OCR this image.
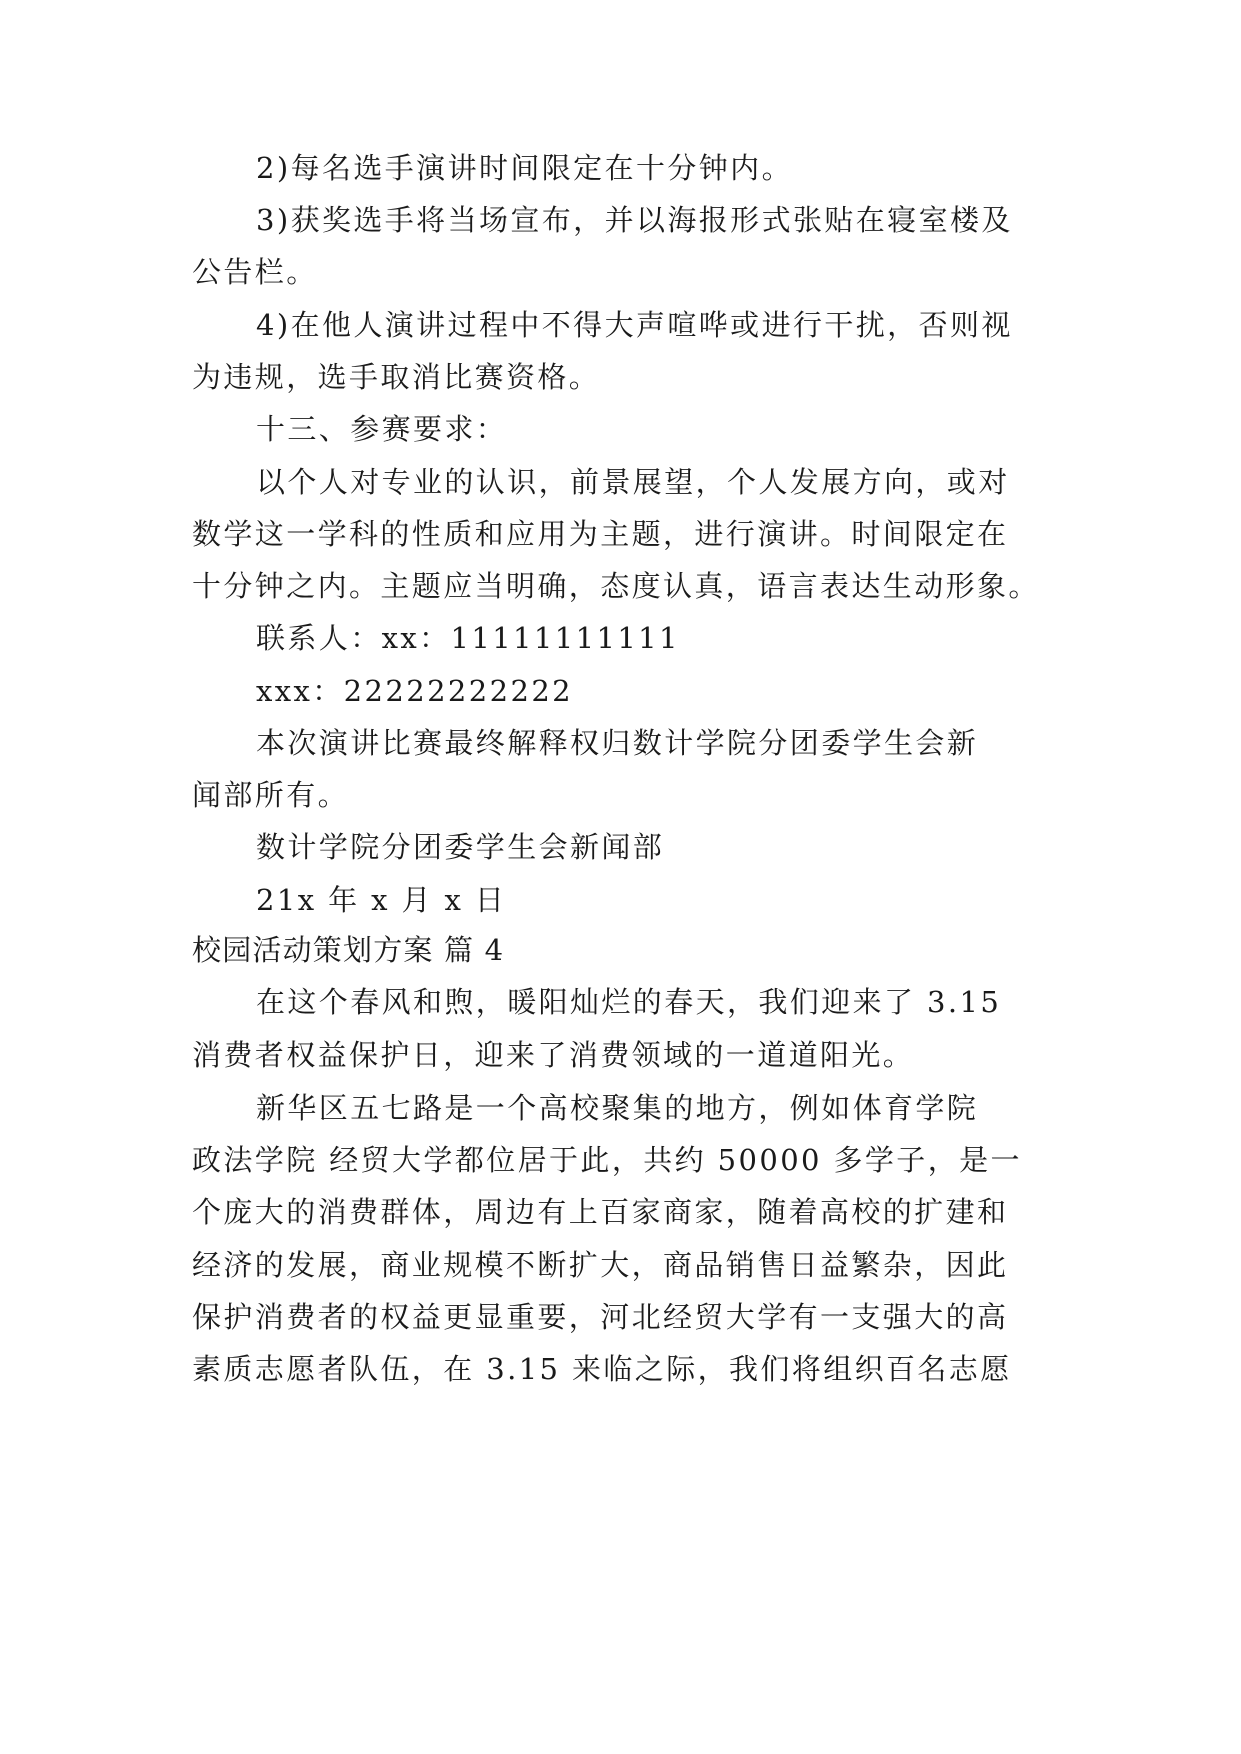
2)每名选手演讲时间限定在十分钟内。
3)获奖选手将当场宣布，并以海报形式张贴在寝室楼及
公告栏。
4)在他人演讲过程中不得大声喧哗或进行干扰，否则视
为违规，选手取消比赛资格。
十三、参赛要求：
以个人对专业的认识，前景展望，个人发展方向，或对
数学这一学科的性质和应用为主题，进行演讲。时间限定在
十分钟之内。主题应当明确，态度认真，语言表达生动形象。
联系人：xx：11111111111
xxx：22222222222
本次演讲比赛最终解释权归数计学院分团委学生会新
闻部所有。
数计学院分团委学生会新闻部
21x 年 x 月 x 日
校园活动策划方案 篇 4
在这个春风和煦，暖阳灿烂的春天，我们迎来了 3.15
消费者权益保护日，迎来了消费领域的一道道阳光。
新华区五七路是一个高校聚集的地方，例如体育学院
政法学院 经贸大学都位居于此，共约 50000 多学子，是一
个庞大的消费群体，周边有上百家商家，随着高校的扩建和
经济的发展，商业规模不断扩大，商品销售日益繁杂，因此
保护消费者的权益更显重要，河北经贸大学有一支强大的高
素质志愿者队伍，在 3.15 来临之际，我们将组织百名志愿
